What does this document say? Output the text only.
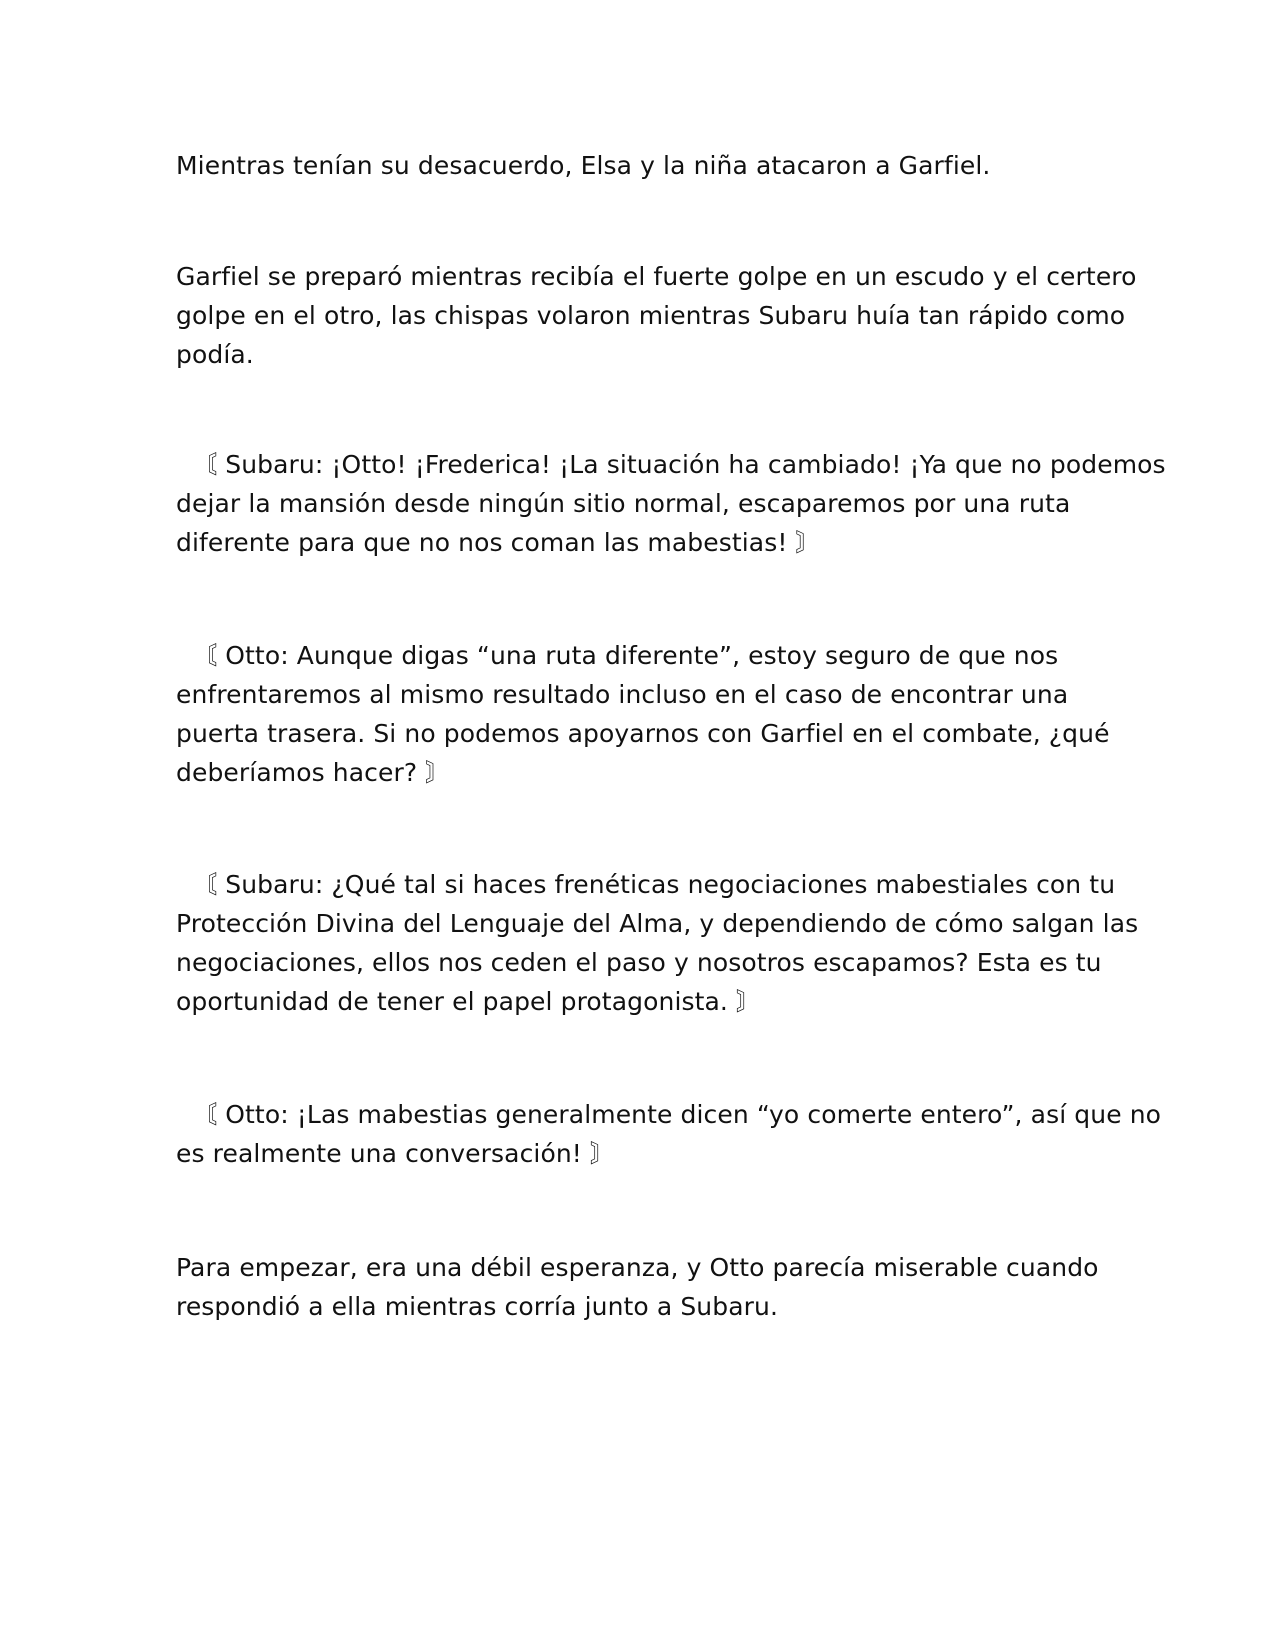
Mientras tenían su desacuerdo, Elsa y la niña atacaron a Garfiel.

Garfiel se preparó mientras recibía el fuerte golpe en un escudo y el certero
golpe en el otro, las chispas volaron mientras Subaru huía tan rápido como
podía.

〘 Subaru: ¡Otto! ¡Frederica! ¡La situación ha cambiado! ¡Ya que no podemos
dejar la mansión desde ningún sitio normal, escaparemos por una ruta
diferente para que no nos coman las mabestias! 〙

〘 Otto: Aunque digas “una ruta diferente”, estoy seguro de que nos
enfrentaremos al mismo resultado incluso en el caso de encontrar una
puerta trasera. Si no podemos apoyarnos con Garfiel en el combate, ¿qué
deberíamos hacer? 〙

〘 Subaru: ¿Qué tal si haces frenéticas negociaciones mabestiales con tu
Protección Divina del Lenguaje del Alma, y dependiendo de cómo salgan las
negociaciones, ellos nos ceden el paso y nosotros escapamos? Esta es tu
oportunidad de tener el papel protagonista. 〙

〘 Otto: ¡Las mabestias generalmente dicen “yo comerte entero”, así que no
es realmente una conversación! 〙

Para empezar, era una débil esperanza, y Otto parecía miserable cuando
respondió a ella mientras corría junto a Subaru.
